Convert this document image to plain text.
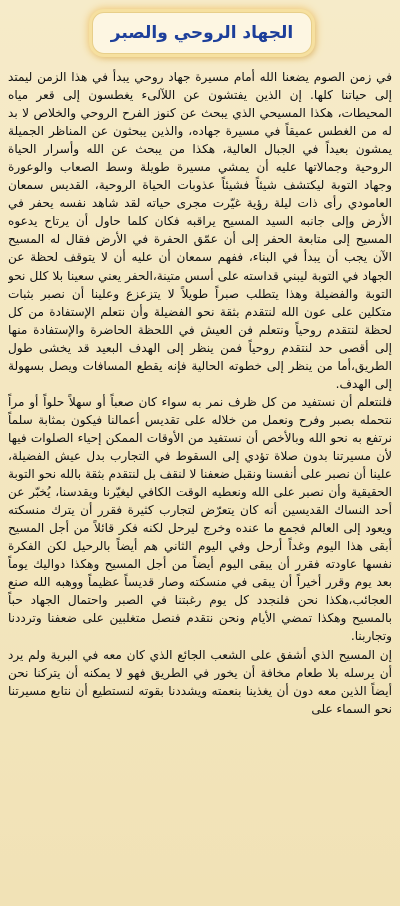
الجهاد الروحي والصبر

في زمن الصوم يضعنا الله أمام مسيرة جهاد روحي يبدأ في هذا الزمن ليمتد إلى حياتنا كلها. إن الذين يفتشون عن اللآلىء يغطسون إلى قعر مياه المحيطات، هكذا المسيحي الذي يبحث عن كنوز الفرح الروحي والخلاص لا بد له من الغطس عميقاً في مسيرة جهاده، والذين يبحثون عن المناظر الجميلة يمشون بعيداً في الجبال العالية، هكذا من يبحث عن الله وأسرار الحياة الروحية وجمالاتها عليه أن يمشي مسيرة طويلة وسط الصعاب والوعورة وجهاد التوبة ليكتشف شيئاً فشيئاً عذوبات الحياة الروحية، القديس سمعان العامودي رأى ذات ليلة رؤية غيّرت مجرى حياته لقد شاهد نفسه يحفر في الأرض وإلى جانبه السيد المسيح يراقبه فكان كلما حاول أن يرتاح يدعوه المسيح إلى متابعة الحفر إلى أن عمّق الحفرة في الأرض فقال له المسيح الآن يجب أن يبدأ في البناء، ففهم سمعان أن عليه أن لا يتوقف لحظة عن الجهاد في التوبة ليبني قداسته على أسس متينة،الحفر يعني سعينا بلا كلل نحو التوبة والفضيلة وهذا يتطلب صبراً طويلاً لا يتزعزع وعلينا أن نصبر بثبات متكلين على عون الله لنتقدم بثقة نحو الفضيلة وأن نتعلم الإستفادة من كل لحظة لنتقدم روحياً ونتعلم فن العيش في اللحظة الحاضرة والإستفادة منها إلى أقصى حد لنتقدم روحياً فمن ينظر إلى الهدف البعيد قد يخشى طول الطريق،أما من ينظر إلى خطوته الحالية فإنه يقطع المسافات ويصل بسهولة إلى الهدف.

فلنتعلم أن نستفيد من كل ظرف نمر به سواء كان صعباً أو سهلاً حلواً أو مراً نتحمله بصبر وفرح ونعمل من خلاله على تقديس أعمالنا فيكون بمثابة سلماً نرتفع به نحو الله وبالأخص أن نستفيد من الأوقات الممكن إحياء الصلوات فيها لأن مسيرتنا بدون صلاة تؤدي إلى السقوط في التجارب بدل عيش الفضيلة، علينا أن نصبر على أنفسنا ونقبل ضعفنا لا لنقف بل لنتقدم بثقة بالله نحو التوبة الحقيقية وأن نصبر على الله ونعطيه الوقت الكافي ليغيّرنا ويقدسنا، يُخبّر عن أحد النساك القديسين أنه كان يتعرّض لتجارب كثيرة فقرر أن يترك منسكته ويعود إلى العالم فجمع ما عنده وخرج ليرحل لكنه فكر قائلاً من أجل المسيح أبقى هذا اليوم وغداً أرحل وفي اليوم الثاني هم أيضاً بالرحيل لكن الفكرة نفسها عاودته فقرر أن يبقى اليوم أيضاً من أجل المسيح وهكذا دواليك يوماً بعد يوم وقرر أخيراً أن يبقى في منسكته وصار قديساً عظيماً ووهبه الله صنع العجائب،هكذا نحن فلنجدد كل يوم رغبتنا في الصبر واحتمال الجهاد حباً بالمسيح وهكذا تمضي الأيام ونحن نتقدم فنصل متغلبين على ضعفنا وترددنا وتجاربنا.

إن المسيح الذي أشفق على الشعب الجائع الذي كان معه في البرية ولم يرد أن يرسله بلا طعام مخافة أن يخور في الطريق فهو لا يمكنه أن يتركنا نحن أيضاً الذين معه دون أن يغذينا بنعمته ويشددنا بقوته لنستطيع أن نتابع مسيرتنا نحو السماء على
